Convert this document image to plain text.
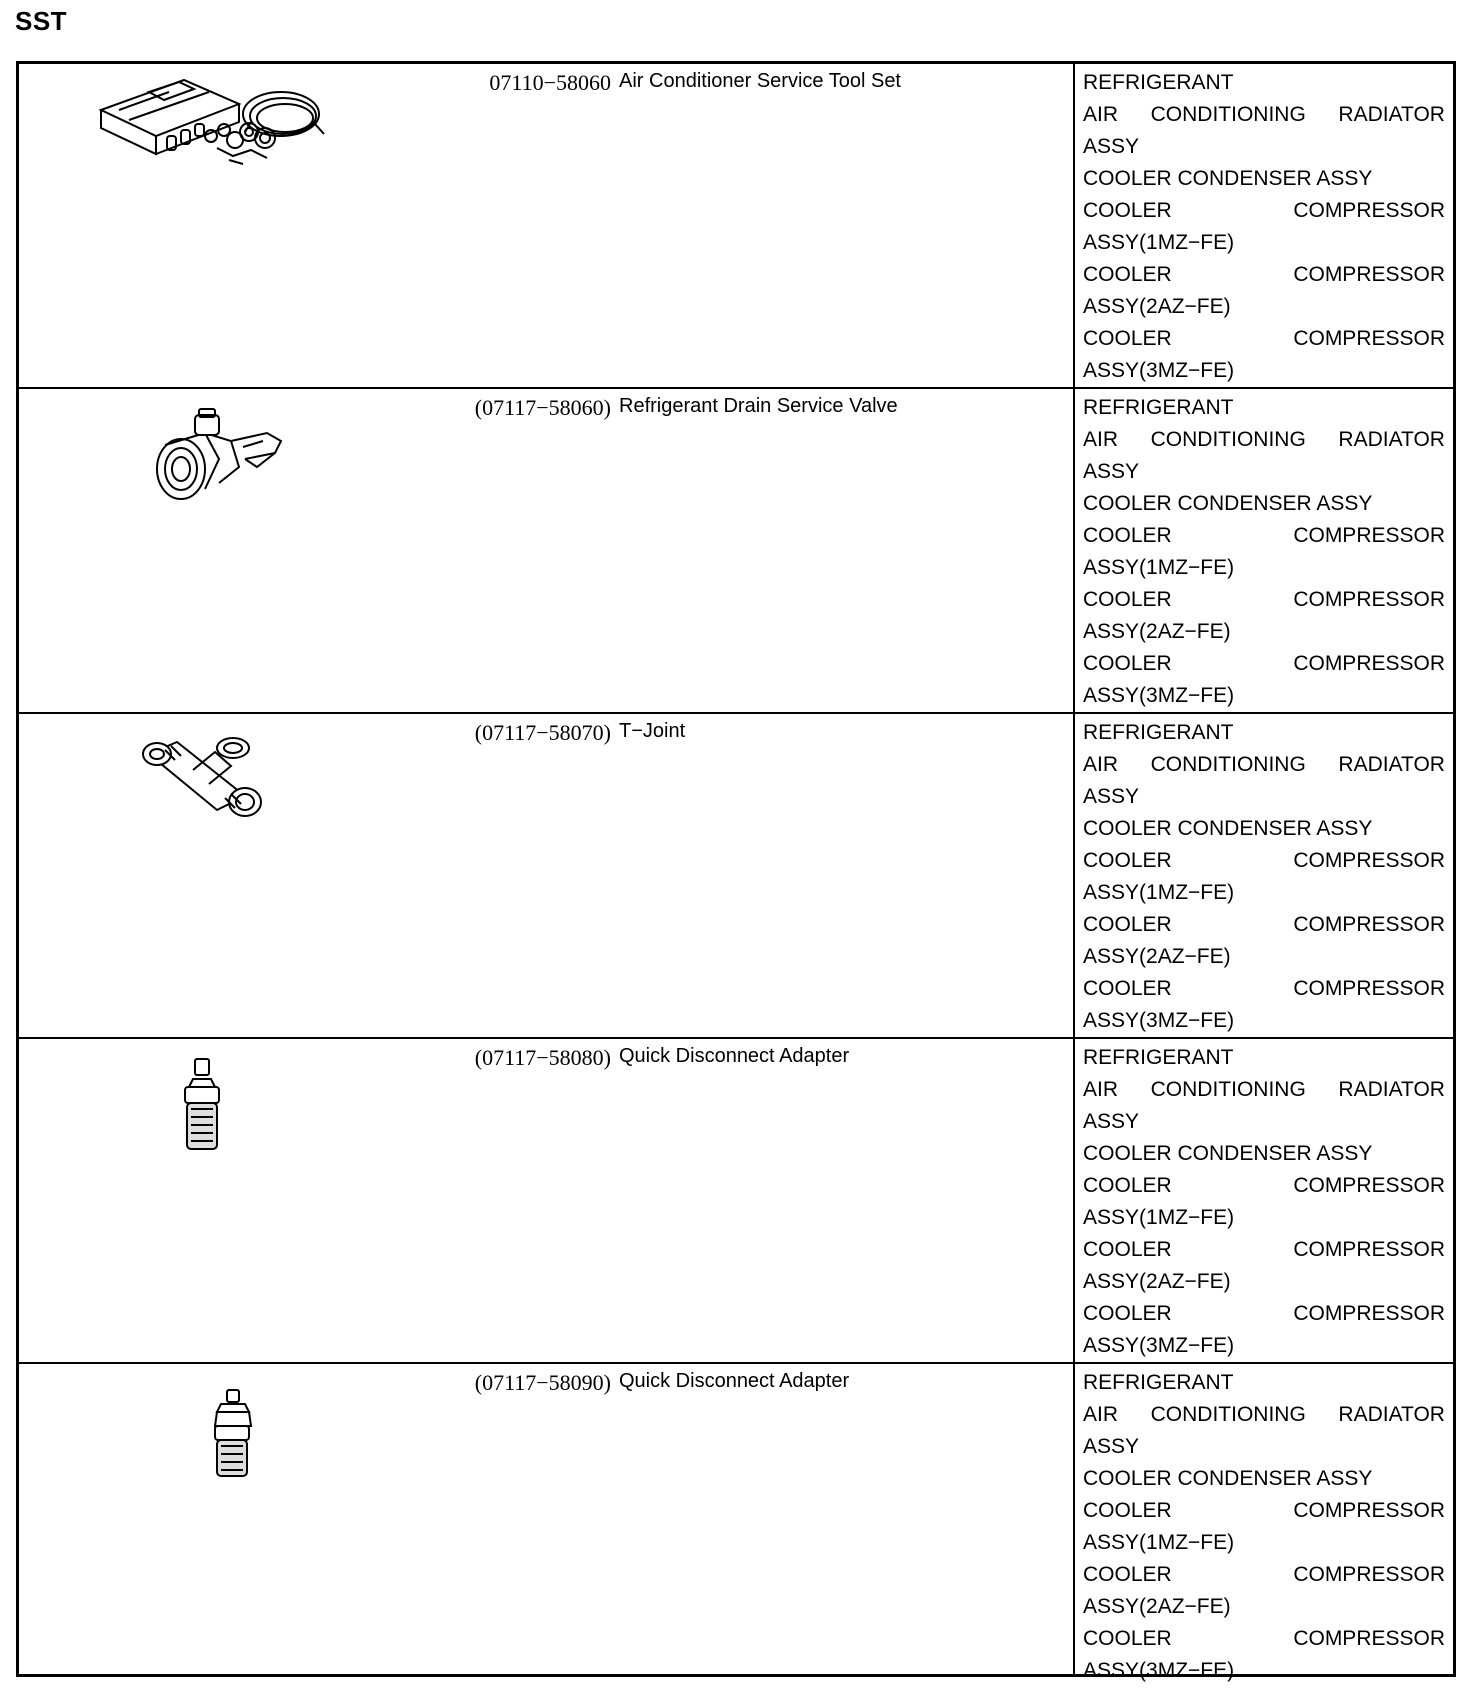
SST
07110−58060 Air Conditioner Service Tool Set	REFRIGERANT
AIR CONDITIONING RADIATOR
ASSY
COOLER CONDENSER ASSY
COOLER	COMPRESSOR
ASSY(1MZ−FE)
COOLER	COMPRESSOR
ASSY(2AZ−FE)
COOLER	COMPRESSOR
ASSY(3MZ−FE)
(07117−58060) Refrigerant Drain Service Valve	REFRIGERANT
AIR CONDITIONING RADIATOR
ASSY
COOLER CONDENSER ASSY
COOLER	COMPRESSOR
ASSY(1MZ−FE)
COOLER	COMPRESSOR
ASSY(2AZ−FE)
COOLER	COMPRESSOR
ASSY(3MZ−FE)
(07117−58070) T−Joint	REFRIGERANT
AIR CONDITIONING RADIATOR
ASSY
COOLER CONDENSER ASSY
COOLER	COMPRESSOR
ASSY(1MZ−FE)
COOLER	COMPRESSOR
ASSY(2AZ−FE)
COOLER	COMPRESSOR
ASSY(3MZ−FE)
(07117−58080) Quick Disconnect Adapter	REFRIGERANT
AIR CONDITIONING RADIATOR
ASSY
COOLER CONDENSER ASSY
COOLER	COMPRESSOR
ASSY(1MZ−FE)
COOLER	COMPRESSOR
ASSY(2AZ−FE)
COOLER	COMPRESSOR
ASSY(3MZ−FE)
(07117−58090) Quick Disconnect Adapter	REFRIGERANT
AIR CONDITIONING RADIATOR
ASSY
COOLER CONDENSER ASSY
COOLER	COMPRESSOR
ASSY(1MZ−FE)
COOLER	COMPRESSOR
ASSY(2AZ−FE)
COOLER	COMPRESSOR
ASSY(3MZ−FE)
